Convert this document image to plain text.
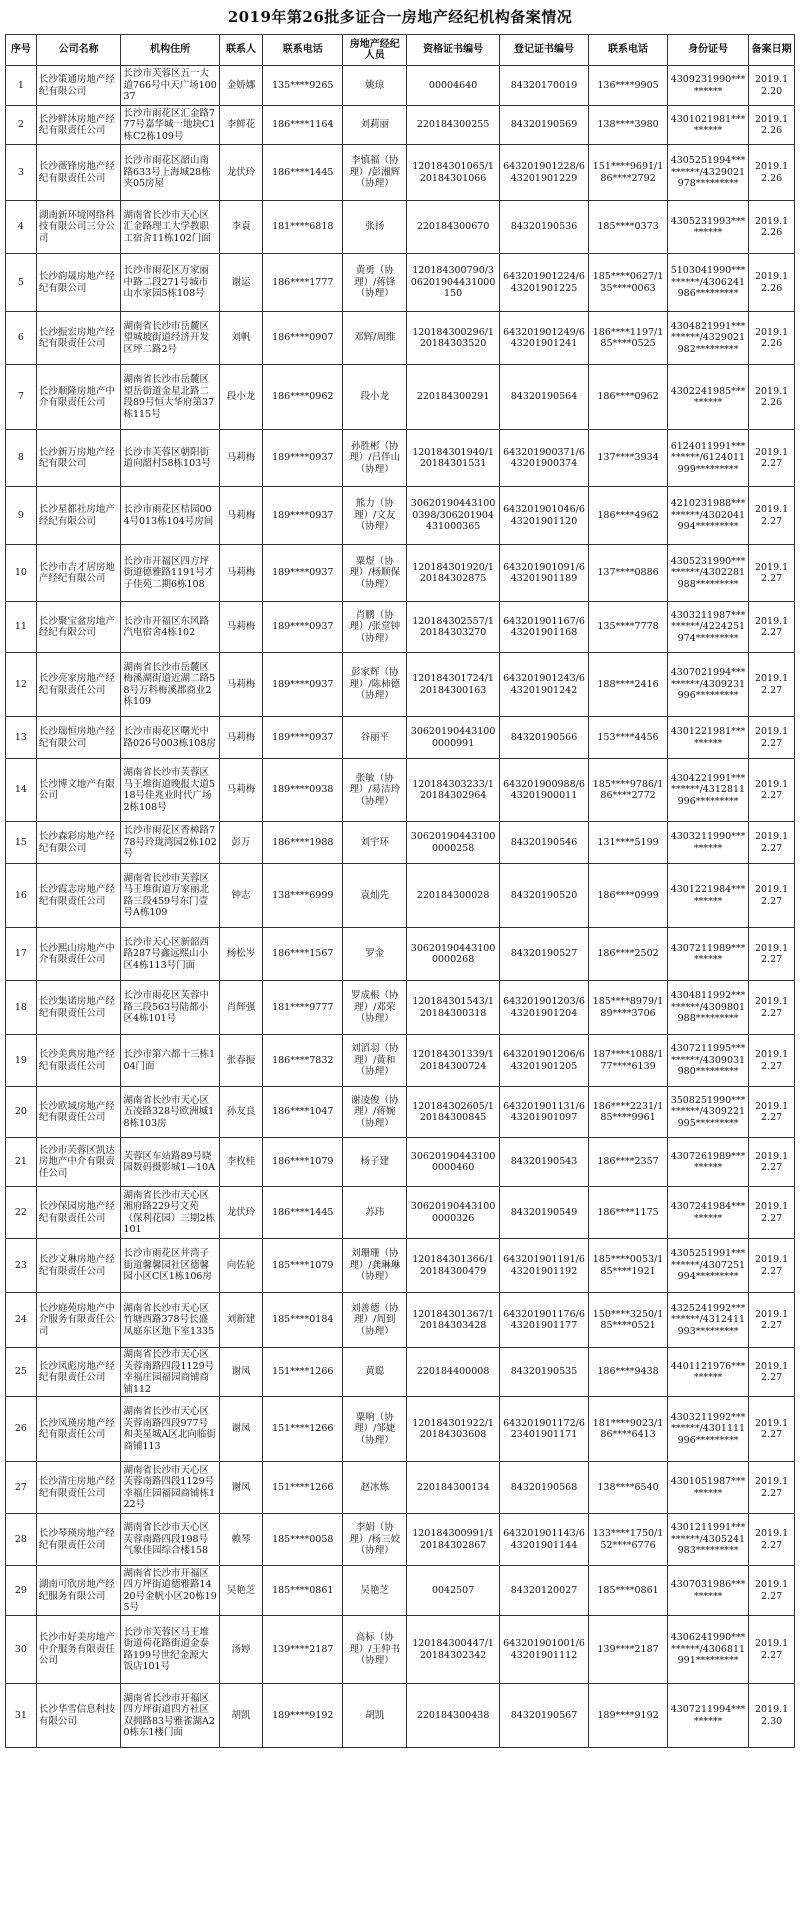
2019年第26批多证合一房地产经纪机构备案情况
序号	公司名称	机构住所	联系人	联系电话	房地产经纪人员	资格证书编号	登记证书编号	联系电话	身份证号	备案日期
1	长沙策通房地产经纪有限公司	长沙市芙蓉区五一大道766号中天广场10037	金娇娜	135****9265	姚琼	00004640	84320170019	136****9905	4309231990*********	2019.12.20
2	长沙鲜沐房地产经纪有限责任公司	长沙市雨花区汇金路777号嘉华城一地块C1栋C2栋109号	李鲜花	186****1164	刘莉丽	220184300255	84320190569	138****3980	4301021981*********	2019.12.26
3	长沙薇锋房地产经纪有限责任公司	长沙市雨花区韶山南路633号上海城28栋夹05房屋	龙伏玲	186****1445	李慎福（协理）/彭湘辉（协理）	120184301065/120184301066	643201901228/643201901229	151****9691/186****2792	4305251994*********/4329021978*********	2019.12.26
4	湖南新环境网络科技有限公司三分公司	湖南省长沙市天心区汇金路理工大学教职工宿舍11栋102门面	李袁	181****6818	张扬	220184300670	84320190536	185****0373	4305231993*********	2019.12.26
5	长沙韵晟房地产经纪有限公司	长沙市雨花区万家丽中路二段271号城市山水家园5栋108号	谢运	186****1777	黄勇（协理）/蒋锋（协理）	120184300790/306201904431000150	643201901224/643201901225	185****0627/135****0063	5103041990*********/4306241986*********	2019.12.26
6	长沙振宏房地产经纪有限责任公司	湖南省长沙市岳麓区望城坡街道经济开发区坪二路2号	刘帆	186****0907	邓辉/周维	120184300296/120184303520	643201901249/643201901241	186****1197/185****0525	4304821991*********/4329021982*********	2019.12.26
7	长沙顺隆房地产中介有限责任公司	湖南省长沙市岳麓区望岳街道金星北路二段89号恒大华府第37栋115号	段小龙	186****0962	段小龙	220184300291	84320190564	186****0962	4302241985*********	2019.12.26
8	长沙新万房地产经纪有限公司	长沙市芙蓉区朝阳街道向韶村58栋103号	马莉梅	189****0937	孙胜彬（协理）/吕伴山（协理）	120184301940/120184301531	643201900371/643201900374	137****3934	6124011991*********/6124011999*********	2019.12.27
9	长沙星都社房地产经纪有限公司	长沙市雨花区桔园004号013栋104号房间	马莉梅	189****0937	熊力（协理）/文友（协理）	306201904431000398/306201904431000365	643201901046/643201901120	186****4962	4210231988*********/4302041994*********	2019.12.27
10	长沙市吉才居房地产经纪有限公司	长沙市开福区四方坪街道德雅路1191号才子佳苑二期6栋108	马莉梅	189****0937	粟煜（协理）/杨顺保（协理）	120184301920/120184302875	643201901091/643201901189	137****0886	4305231990*********/4302281988*********	2019.12.27
11	长沙聚宝盆房地产经纪有限公司	长沙市开福区东风路汽电宿舍4栋102	马莉梅	189****0937	肖鹏（协理）/张堂钟（协理）	120184302557/120184303270	643201901167/643201901168	135****7778	4303211987*********/4224251974*********	2019.12.27
12	长沙亮家房地产经纪有限责任公司	湖南省长沙市岳麓区梅溪湖街道近湖二路58号万科梅溪郡商业2栋109	马莉梅	189****0937	彭家辉（协理）/陈柿德（协理）	120184301724/120184300163	643201901243/643201901242	188****2416	4307021994*********/4309231996*********	2019.12.27
13	长沙瑞恒房地产经纪有限公司	长沙市雨花区曙光中路026号003栋108房	马莉梅	189****0937	谷丽平	306201904431000000991	84320190566	153****4456	4301221981*********	2019.12.27
14	长沙博文地产有限公司	湖南省长沙市芙蓉区马王堆街道晚报大道518号佳兆业时代广场2栋108号	马莉梅	189****0938	张敏（协理）/易洁玲（协理）	120184303233/120184302964	643201900988/643201900011	185****9786/186****2772	4304221991*********/4312811996*********	2019.12.27
15	长沙森彩房地产经纪有限公司	长沙市雨花区香樟路778号玲珑湾园2栋102号	彭万	186****1988	刘宇环	306201904431000000258	84320190546	131****5199	4303211990*********	2019.12.27
16	长沙霞志房地产经纪有限责任公司	湖南省长沙市芙蓉区马王堆街道万家丽北路三段459号东门壹号A栋109	钟志	138****6999	袁灿先	220184300028	84320190520	186****0999	4301221984*********	2019.12.27
17	长沙熙山房地产中介有限责任公司	长沙市天心区新韶西路287号鑫远熙山小区4栋113号门面	杨松岑	186****1567	罗金	306201904431000000268	84320190527	186****2502	4307211989*********	2019.12.27
18	长沙集诺房地产经纪有限责任公司	长沙市雨花区芙蓉中路三段563号陆都小区4栋101号	肖辉强	181****9777	罗成根（协理）/邓荣（协理）	120184301543/120184300318	643201901203/643201901204	185****8979/189****3706	4304811992*********/4309801988*********	2019.12.27
19	长沙美典房地产经纪有限责任公司	长沙市第六都十三栋104门面	张春振	186****7832	刘滔羽（协理）/黄和（协理）	120184301339/120184300724	643201901206/643201901205	187****1088/177****6139	4307211995*********/4309031980*********	2019.12.27
20	长沙欧域房地产经纪有限责任公司	湖南省长沙市天心区五凌路328号欧洲城18栋103房	孙友良	186****1047	谢凌俊（协理）/蒋婉（协理）	120184302605/120184300845	643201901131/643201901097	186****2231/185****9961	3508251990*********/4309221995*********	2019.12.27
21	长沙市芙蓉区凯达房地产中介有限责任公司	芙蓉区车站路89号晓园数码摄影城1—10A	李枚桂	186****1079	杨子建	306201904431000000460	84320190543	186****2357	4307261989*********	2019.12.27
22	长沙保园房地产经纪有限责任公司	湖南省长沙市天心区湘府路229号文苑（保利花园）三期2栋101	龙伏玲	186****1445	苏玮	306201904431000000326	84320190549	186****1175	4307241984*********	2019.12.27
23	长沙文琳房地产经纪有限责任公司	长沙市雨花区井湾子街道馨馨园社区德馨园小区C区1栋106房	向佐轮	185****1079	刘珊珊（协理）/龚琳琳（协理）	120184301366/120184300479	643201901191/643201901192	185****0053/185****1921	4305251991*********/4307251994*********	2019.12.27
24	长沙庭苑房地产中介服务有限责任公司	湖南省长沙市天心区竹塘西路378号长盛凤庭东区地下室1335	刘新建	185****0184	刘善德（协理）/周到（协理）	120184301367/120184303428	643201901176/643201901177	150****3250/185****0521	4325241992*********/4312411993*********	2019.12.27
25	长沙凤彪房地产经纪有限责任公司	湖南省长沙市天心区芙蓉南路四段1129号幸福庄园福园商铺商铺112	谢凤	151****1266	黄聪	220184400008	84320190535	186****9438	4401121976*********	2019.12.27
26	长沙凤瑛房地产经纪有限责任公司	湖南省长沙市天心区芙蓉南路四段977号和美星城A区北向临街商铺113	谢凤	151****1266	粟响（协理）/邹婕（协理）	120184301922/120184303608	643201901172/623401901171	181****9023/186****6413	4303211992*********/4301111996*********	2019.12.27
27	长沙清庄房地产经纪有限责任公司	湖南省长沙市天心区芙蓉南路四段1129号幸福庄园福园商铺栋122号	谢凤	151****1266	赵冰炼	220184300134	84320190568	138****6540	4301051987*********	2019.12.27
28	长沙琴瑛房地产经纪有限责任公司	湖南省长沙市天心区芙蓉南路四段198号气象佳园综合楼158	赖琴	185****0058	李娟（协理）/杨三姣（协理）	120184300991/120184302867	643201901143/643201901144	133****1750/152****6776	4301211991*********/4305241983*********	2019.12.27
29	湖南可欣房地产经纪服务有限公司	湖南省长沙市开福区四方坪街道德雅路1420号金帆小区20栋195号	吴艳芝	185****0861	吴艳芝	0042507	84320120027	185****0861	4307031986*********	2019.12.27
30	长沙市好美房地产中介服务有限责任公司	长沙市芙蓉区马王堆街道荷花路街道金泰路199号世纪金源大饭店101号	汤婷	139****2187	高标（协理）/王仲书（协理）	120184300447/120184302342	643201901001/643201901112	139****2187	4306241990*********/4306811991*********	2019.12.27
31	长沙华雪信息科技有限公司	湖南省长沙市开福区四方坪街道四方社区双拥路83号雅雀湖A20栋东1楼门面	胡凯	189****9192	胡凯	220184300438	84320190567	189****9192	4307211994*********	2019.12.30
